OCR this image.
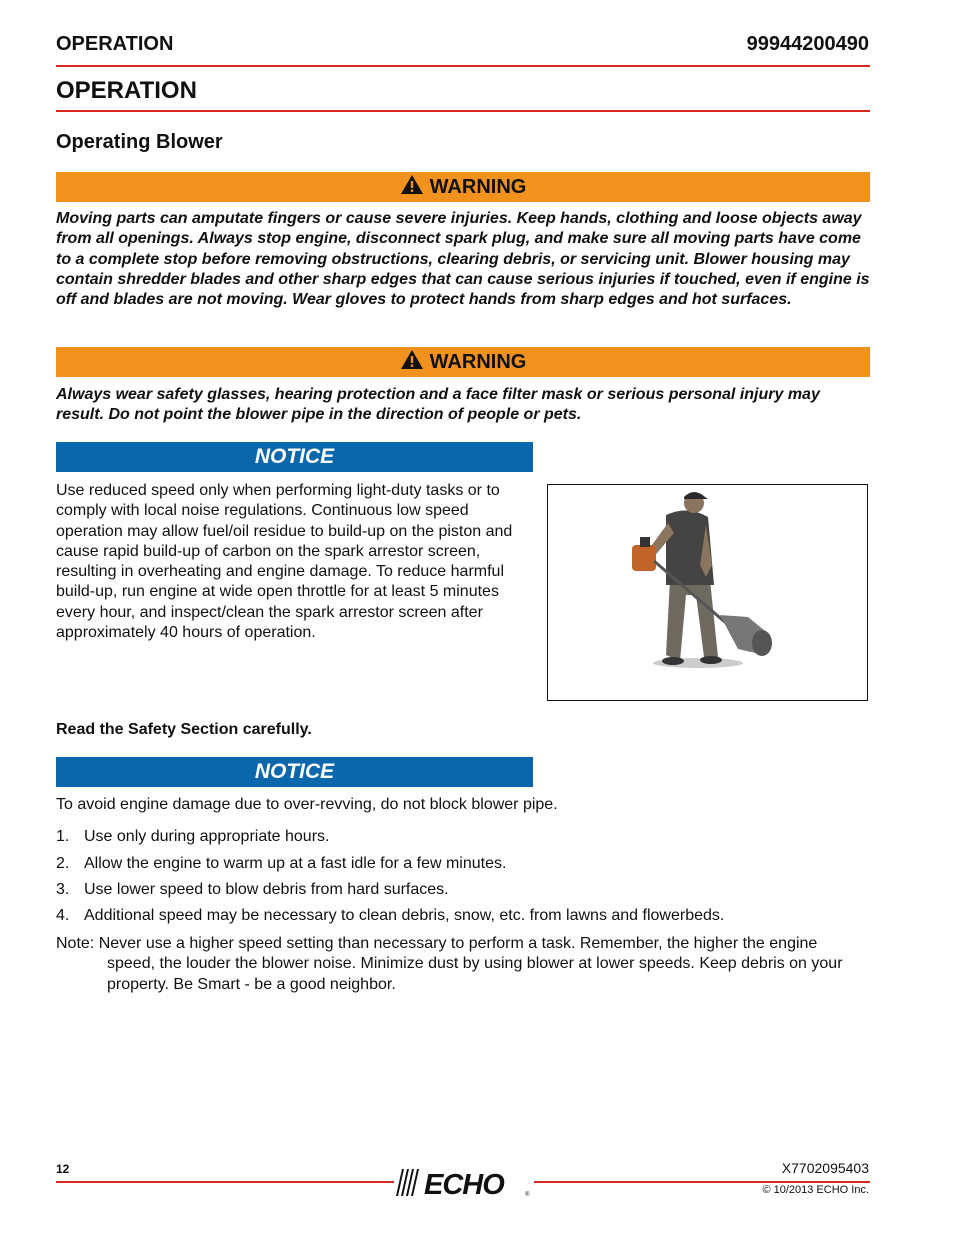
OPERATION	99944200490
OPERATION
Operating Blower
WARNING
Moving parts can amputate fingers or cause severe injuries. Keep hands, clothing and loose objects away from all openings. Always stop engine, disconnect spark plug, and make sure all moving parts have come to a complete stop before removing obstructions, clearing debris, or servicing unit. Blower housing may contain shredder blades and other sharp edges that can cause serious injuries if touched, even if engine is off and blades are not moving. Wear gloves to protect hands from sharp edges and hot surfaces.
WARNING
Always wear safety glasses, hearing protection and a face filter mask or serious personal injury may result. Do not point the blower pipe in the direction of people or pets.
NOTICE
Use reduced speed only when performing light-duty tasks or to comply with local noise regulations. Continuous low speed operation may allow fuel/oil residue to build-up on the piston and cause rapid build-up of carbon on the spark arrestor screen, resulting in overheating and engine damage. To reduce harmful build-up, run engine at wide open throttle for at least 5 minutes every hour, and inspect/clean the spark arrestor screen after approximately 40 hours of operation.
Read the Safety Section carefully.
NOTICE
To avoid engine damage due to over-revving, do not block blower pipe.
1. Use only during appropriate hours.
2. Allow the engine to warm up at a fast idle for a few minutes.
3. Use lower speed to blow debris from hard surfaces.
4. Additional speed may be necessary to clean debris, snow, etc. from lawns and flowerbeds.
Note: Never use a higher speed setting than necessary to perform a task. Remember, the higher the engine
speed, the louder the blower noise. Minimize dust by using blower at lower speeds. Keep debris on your property. Be Smart - be a good neighbor.
12	ECHO	®
X7702095403
© 10/2013 ECHO Inc.
